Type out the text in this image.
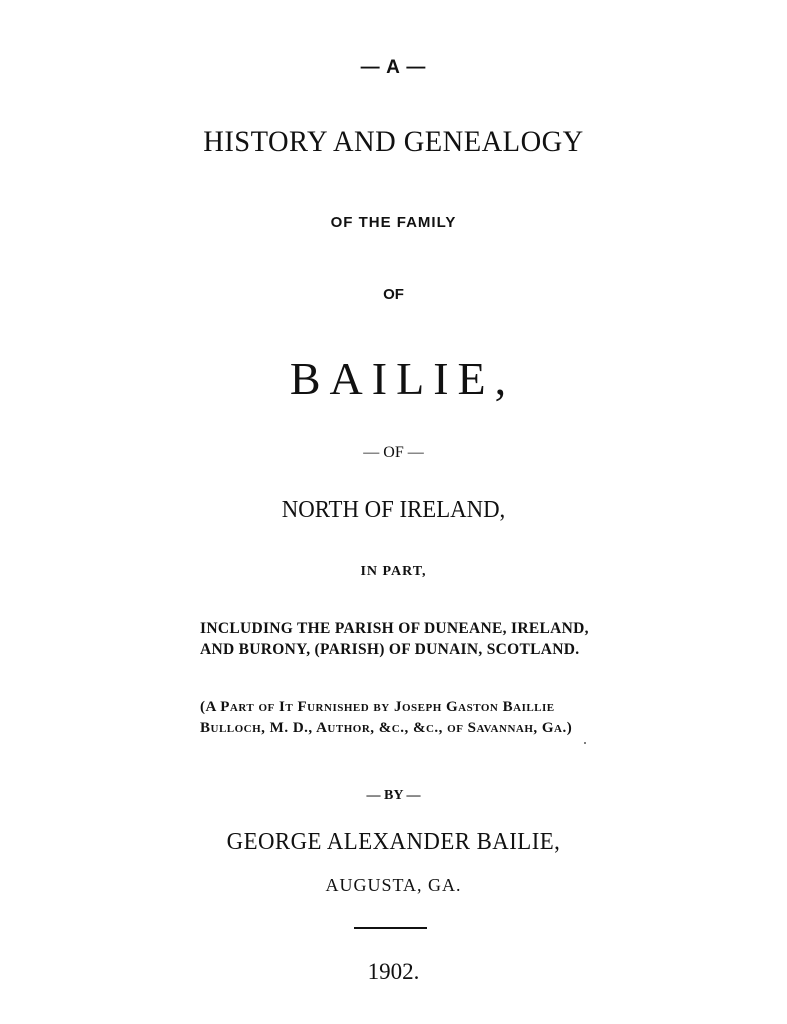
— A —
HISTORY AND GENEALOGY
OF THE FAMILY
OF
BAILIE,
— OF —
NORTH OF IRELAND,
IN PART,
INCLUDING THE PARISH OF DUNEANE, IRELAND,
AND BURONY, (PARISH) OF DUNAIN, SCOTLAND.
(A Part of It Furnished by Joseph Gaston Baillie
Bulloch, M. D., Author, &c., &c., of Savannah, Ga.)
— BY —
GEORGE ALEXANDER BAILIE,
AUGUSTA, GA.
1902.
